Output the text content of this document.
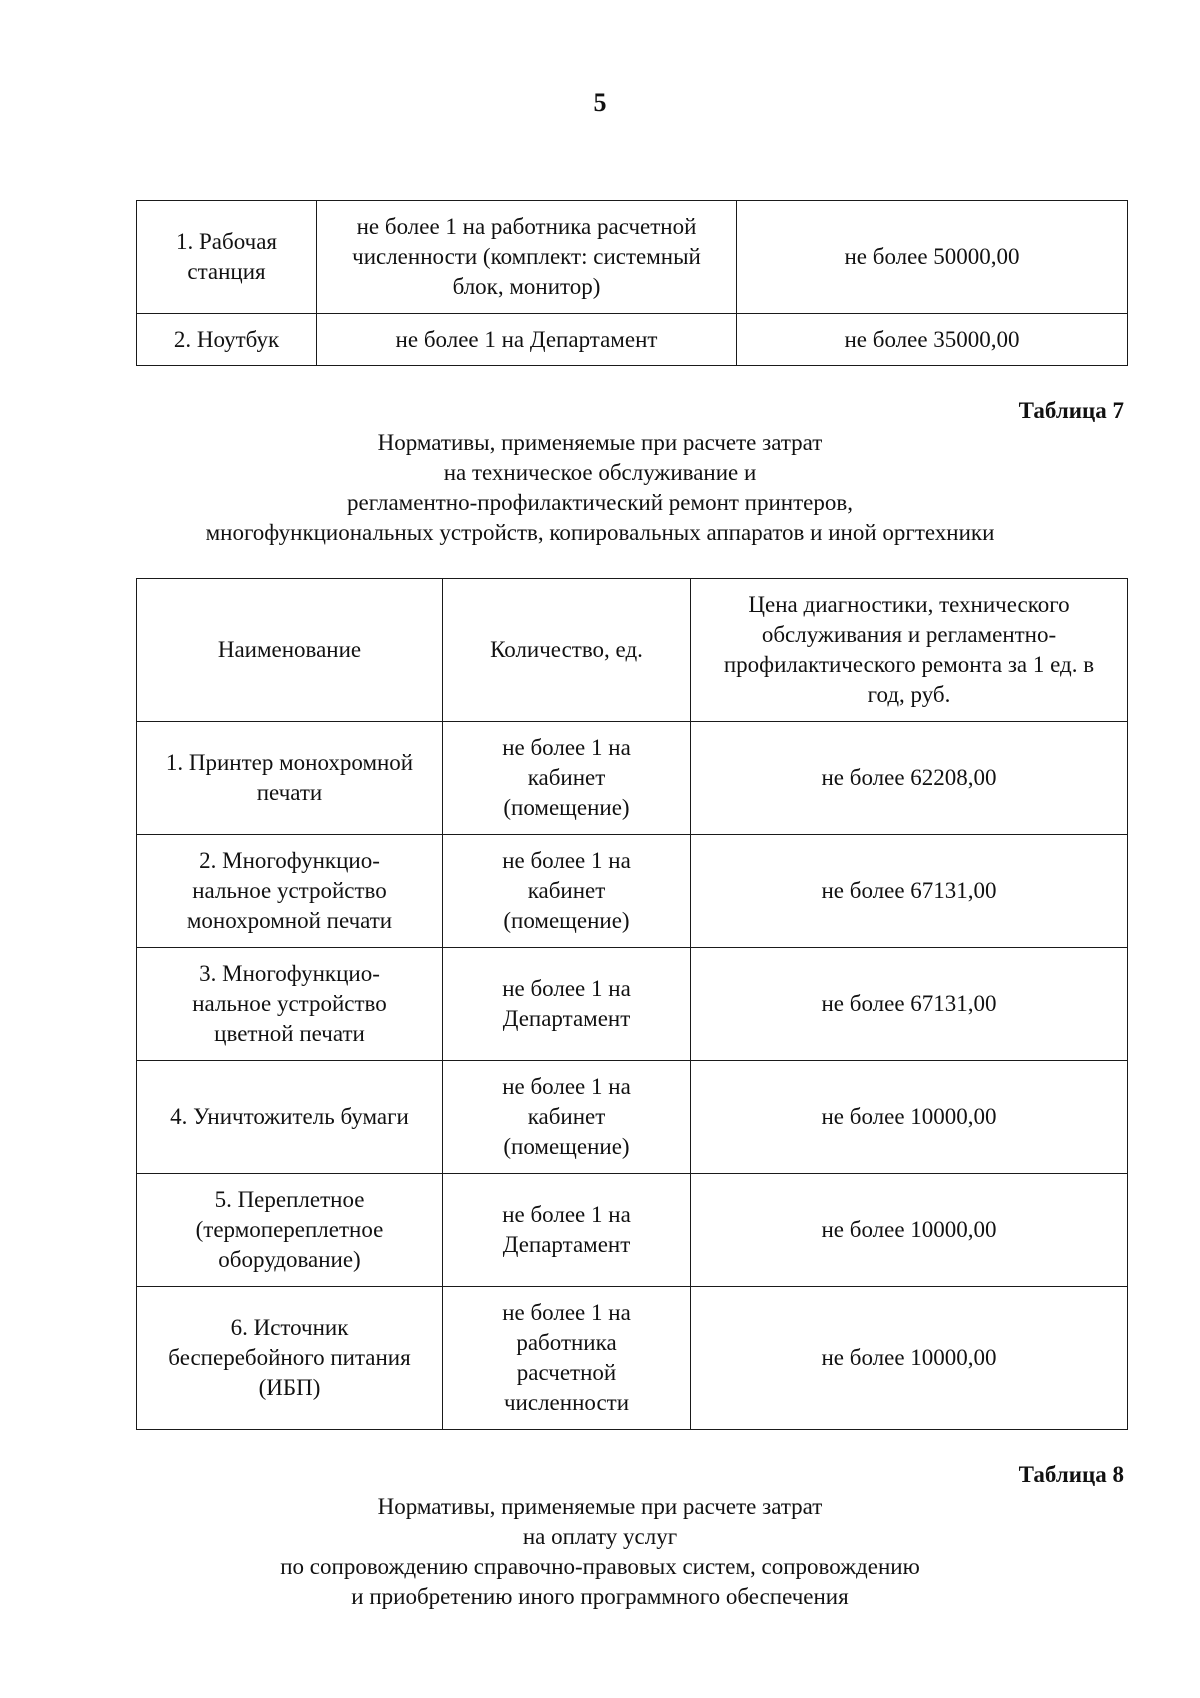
5
1. Рабочая станция	не более 1 на работника расчетной численности (комплект: системный блок, монитор)	не более 50000,00
2. Ноутбук	не более 1 на Департамент	не более 35000,00
Таблица 7
Нормативы, применяемые при расчете затрат
на техническое обслуживание и
регламентно-профилактический ремонт принтеров,
многофункциональных устройств, копировальных аппаратов и иной оргтехники
Наименование	Количество, ед.	Цена диагностики, технического обслуживания и регламентно-профилактического ремонта за 1 ед. в год, руб.
1. Принтер монохромной печати	не более 1 на кабинет (помещение)	не более 62208,00
2. Многофункцио-нальное устройство монохромной печати	не более 1 на кабинет (помещение)	не более 67131,00
3. Многофункцио-нальное устройство цветной печати	не более 1 на Департамент	не более 67131,00
4. Уничтожитель бумаги	не более 1 на кабинет (помещение)	не более 10000,00
5. Переплетное (термопереплетное оборудование)	не более 1 на Департамент	не более 10000,00
6. Источник бесперебойного питания (ИБП)	не более 1 на работника расчетной численности	не более 10000,00
Таблица 8
Нормативы, применяемые при расчете затрат
на оплату услуг
по сопровождению справочно-правовых систем, сопровождению
и приобретению иного программного обеспечения
